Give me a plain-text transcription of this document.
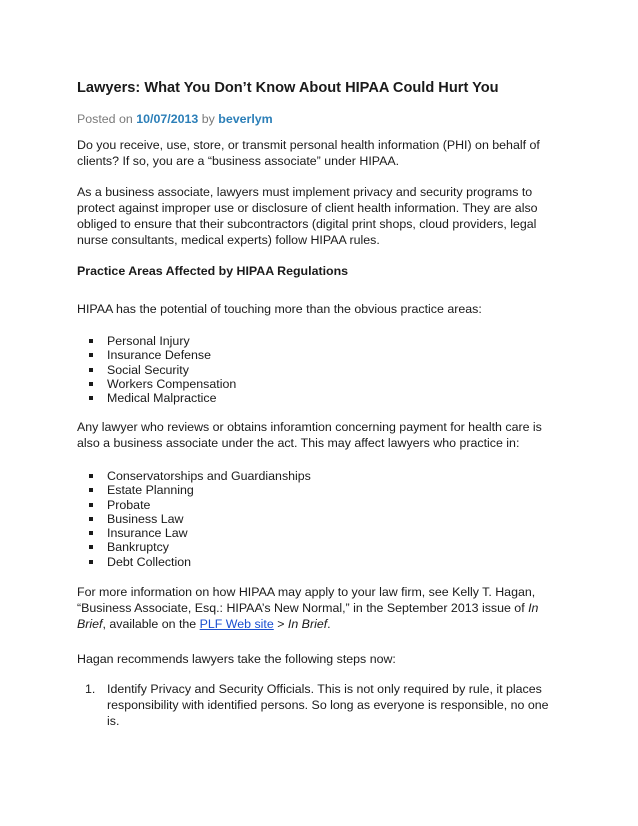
Lawyers: What You Don’t Know About HIPAA Could Hurt You
Posted on 10/07/2013 by beverlym

Do you receive, use, store, or transmit personal health information (PHI) on behalf of clients? If so, you are a “business associate” under HIPAA.

As a business associate, lawyers must implement privacy and security programs to protect against improper use or disclosure of client health information. They are also obliged to ensure that their subcontractors (digital print shops, cloud providers, legal nurse consultants, medical experts) follow HIPAA rules.

Practice Areas Affected by HIPAA Regulations

HIPAA has the potential of touching more than the obvious practice areas:

Personal Injury
Insurance Defense
Social Security
Workers Compensation
Medical Malpractice

Any lawyer who reviews or obtains inforamtion concerning payment for health care is also a business associate under the act. This may affect lawyers who practice in:

Conservatorships and Guardianships
Estate Planning
Probate
Business Law
Insurance Law
Bankruptcy
Debt Collection

For more information on how HIPAA may apply to your law firm, see Kelly T. Hagan, “Business Associate, Esq.: HIPAA’s New Normal,” in the September 2013 issue of In Brief, available on the PLF Web site > In Brief.

Hagan recommends lawyers take the following steps now:

1. Identify Privacy and Security Officials. This is not only required by rule, it places responsibility with identified persons. So long as everyone is responsible, no one is.
